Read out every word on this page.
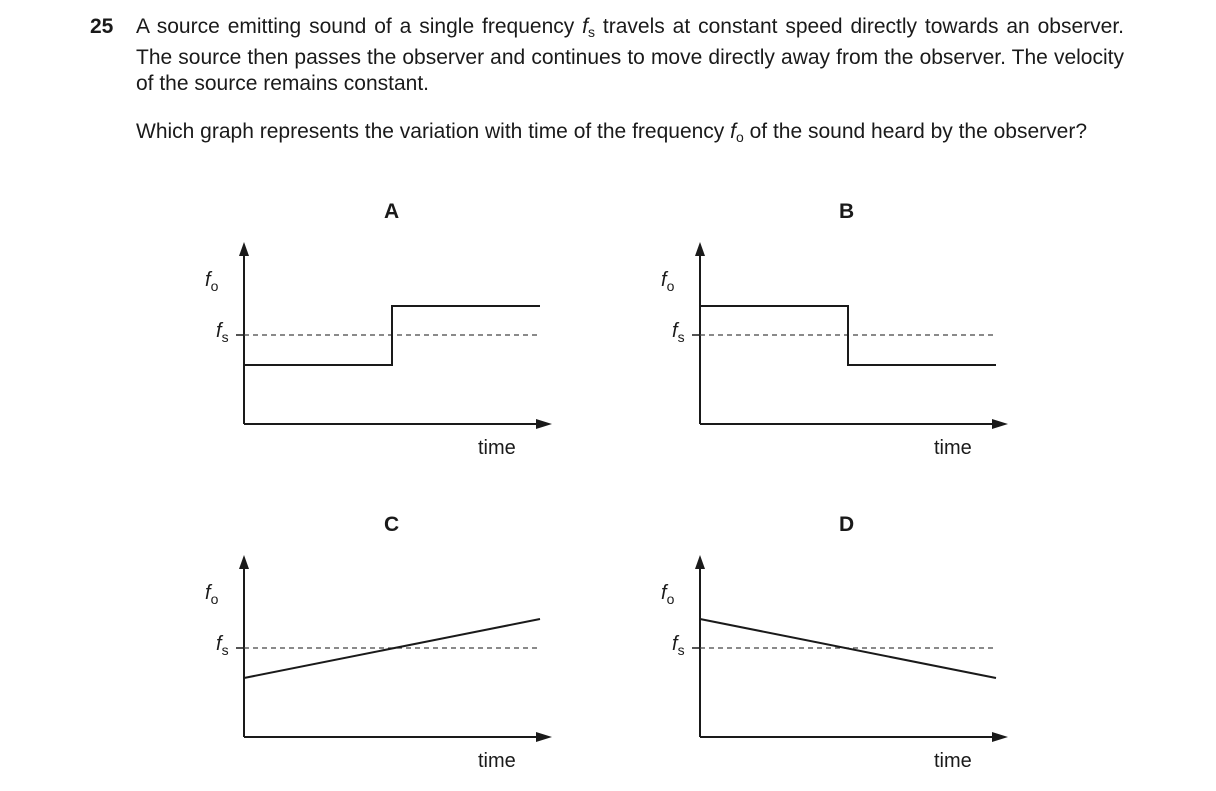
25 A source emitting sound of a single frequency $f_s$ travels at constant speed directly towards an observer. The source then passes the observer and continues to move directly away from the observer. The velocity of the source remains constant.
Which graph represents the variation with time of the frequency $f_o$ of the sound heard by the observer?
A	B
C	D
$f_o$
$f_s$
time
$f_o$
$f_s$
time
$f_o$
$f_s$
time
$f_o$
$f_s$
time
